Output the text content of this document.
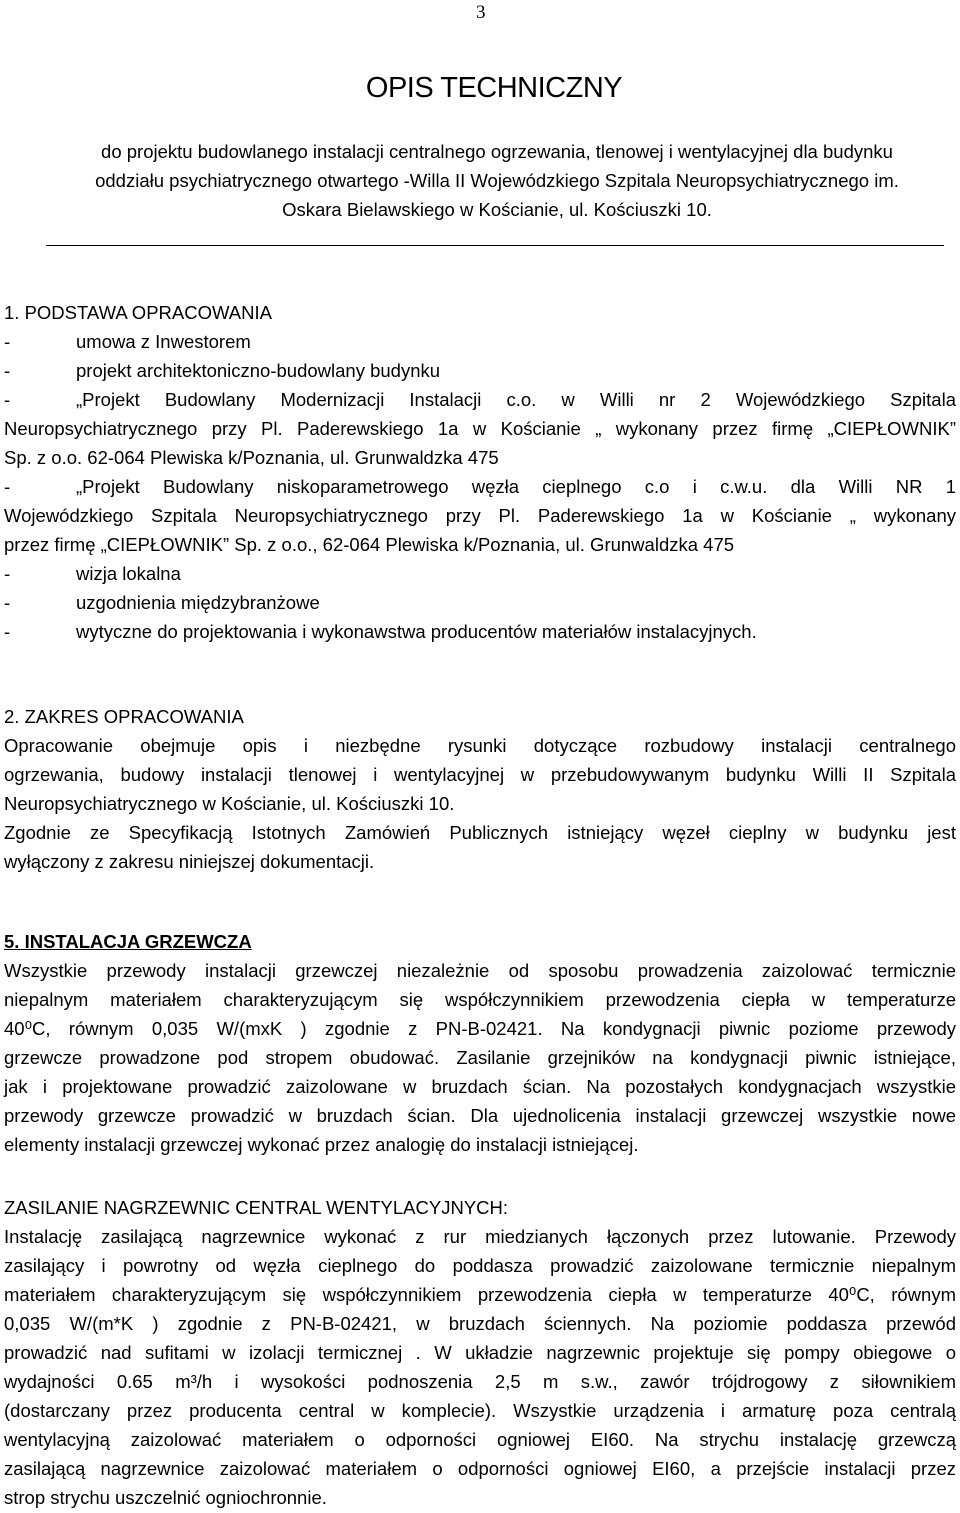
3
OPIS TECHNICZNY
do projektu budowlanego instalacji centralnego ogrzewania, tlenowej i wentylacyjnej dla budynku
oddziału psychiatrycznego otwartego -Willa II Wojewódzkiego Szpitala Neuropsychiatrycznego im.
Oskara Bielawskiego w Kościanie, ul. Kościuszki 10.
1. PODSTAWA OPRACOWANIA
-	umowa z Inwestorem
-	projekt architektoniczno-budowlany budynku
-	„Projekt Budowlany Modernizacji Instalacji c.o. w Willi nr 2 Wojewódzkiego Szpitala
Neuropsychiatrycznego przy Pl. Paderewskiego 1a w Kościanie „ wykonany przez firmę „CIEPŁOWNIK”
Sp. z o.o. 62-064 Plewiska k/Poznania, ul. Grunwaldzka 475
-	„Projekt Budowlany niskoparametrowego węzła cieplnego c.o i c.w.u. dla Willi NR 1
Wojewódzkiego Szpitala Neuropsychiatrycznego przy Pl. Paderewskiego 1a w Kościanie „ wykonany
przez firmę „CIEPŁOWNIK” Sp. z o.o., 62-064 Plewiska k/Poznania, ul. Grunwaldzka 475
-	wizja lokalna
-	uzgodnienia międzybranżowe
-	wytyczne do projektowania i wykonawstwa producentów materiałów instalacyjnych.
2. ZAKRES OPRACOWANIA
Opracowanie obejmuje opis i niezbędne rysunki dotyczące rozbudowy instalacji centralnego
ogrzewania, budowy instalacji tlenowej i wentylacyjnej w przebudowywanym budynku Willi II Szpitala
Neuropsychiatrycznego w Kościanie, ul. Kościuszki 10.
Zgodnie ze Specyfikacją Istotnych Zamówień Publicznych istniejący węzeł cieplny w budynku jest
wyłączony z zakresu niniejszej dokumentacji.
5. INSTALACJA GRZEWCZA
Wszystkie przewody instalacji grzewczej niezależnie od sposobu prowadzenia zaizolować termicznie
niepalnym materiałem charakteryzującym się współczynnikiem przewodzenia ciepła w temperaturze
40⁰C, równym 0,035 W/(mxK ) zgodnie z PN-B-02421. Na kondygnacji piwnic poziome przewody
grzewcze prowadzone pod stropem obudować. Zasilanie grzejników na kondygnacji piwnic istniejące,
jak i projektowane prowadzić zaizolowane w bruzdach ścian. Na pozostałych kondygnacjach wszystkie
przewody grzewcze prowadzić w bruzdach ścian. Dla ujednolicenia instalacji grzewczej wszystkie nowe
elementy instalacji grzewczej wykonać przez analogię do instalacji istniejącej.
ZASILANIE NAGRZEWNIC CENTRAL WENTYLACYJNYCH:
Instalację zasilającą nagrzewnice wykonać z rur miedzianych łączonych przez lutowanie. Przewody
zasilający i powrotny od węzła cieplnego do poddasza prowadzić zaizolowane termicznie niepalnym
materiałem charakteryzującym się współczynnikiem przewodzenia ciepła w temperaturze 40⁰C, równym
0,035 W/(m*K ) zgodnie z PN-B-02421, w bruzdach ściennych. Na poziomie poddasza przewód
prowadzić nad sufitami w izolacji termicznej . W układzie nagrzewnic projektuje się pompy obiegowe o
wydajności 0.65 m³/h i wysokości podnoszenia 2,5 m s.w., zawór trójdrogowy z siłownikiem
(dostarczany przez producenta central w komplecie). Wszystkie urządzenia i armaturę poza centralą
wentylacyjną zaizolować materiałem o odporności ogniowej EI60. Na strychu instalację grzewczą
zasilającą nagrzewnice zaizolować materiałem o odporności ogniowej EI60, a przejście instalacji przez
strop strychu uszczelnić ogniochronnie.
